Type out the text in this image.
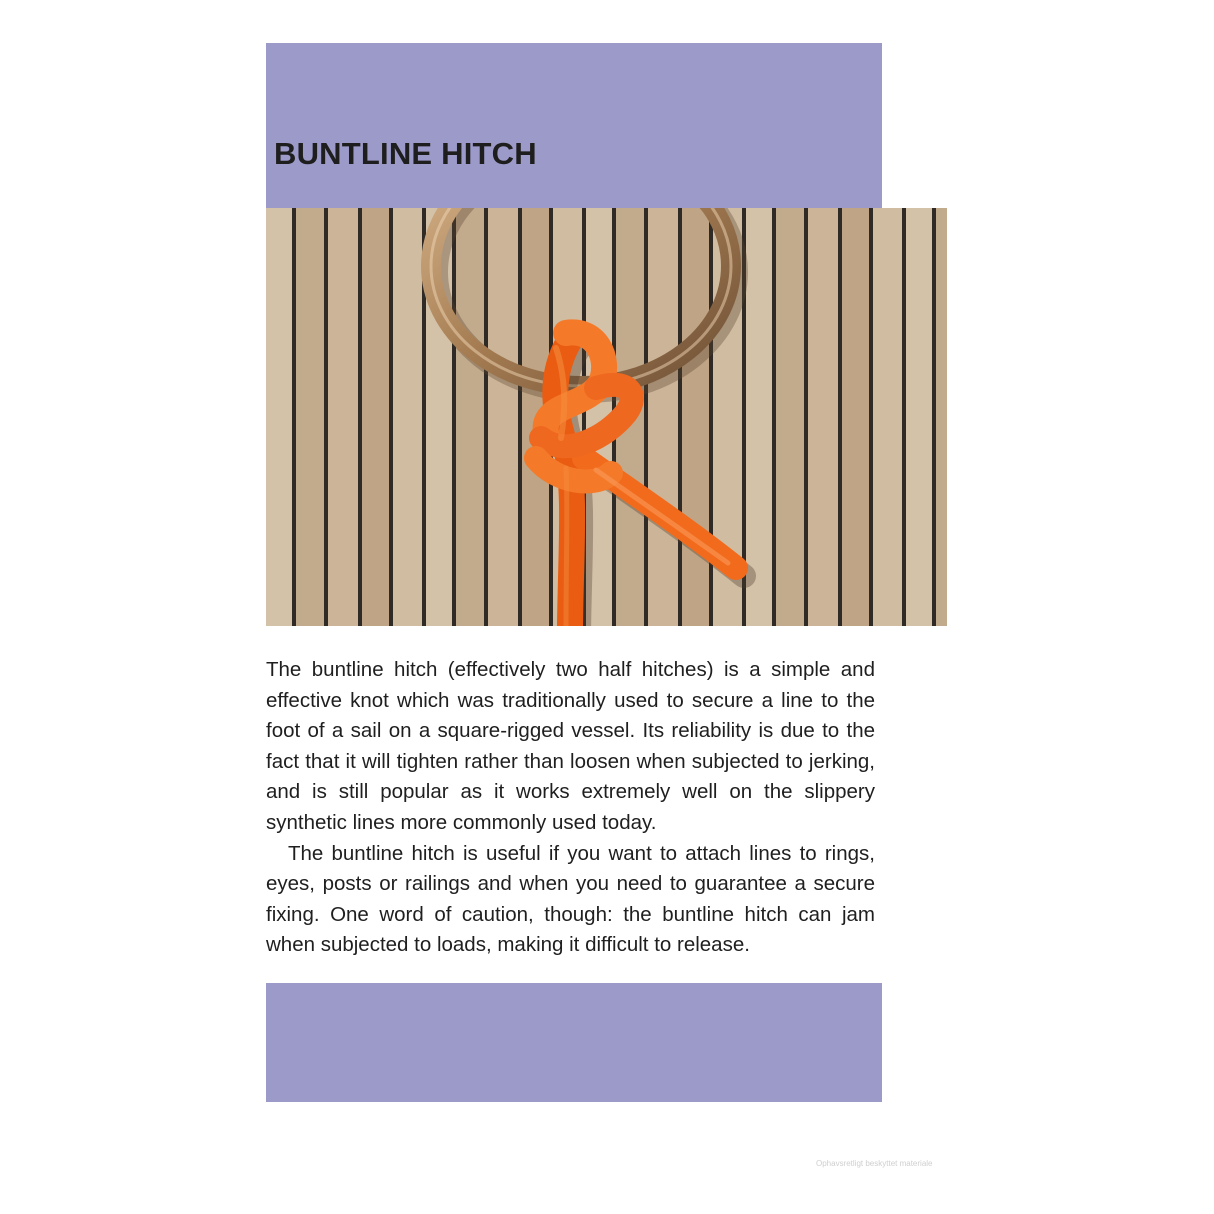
BUNTLINE HITCH

The buntline hitch (effectively two half hitches) is a simple and effective knot which was traditionally used to secure a line to the foot of a sail on a square-rigged vessel. Its reliability is due to the fact that it will tighten rather than loosen when subjected to jerking, and is still popular as it works extremely well on the slippery synthetic lines more commonly used today.

The buntline hitch is useful if you want to attach lines to rings, eyes, posts or railings and when you need to guarantee a secure fixing. One word of caution, though: the buntline hitch can jam when subjected to loads, making it difficult to release.

Ophavsretligt beskyttet materiale
